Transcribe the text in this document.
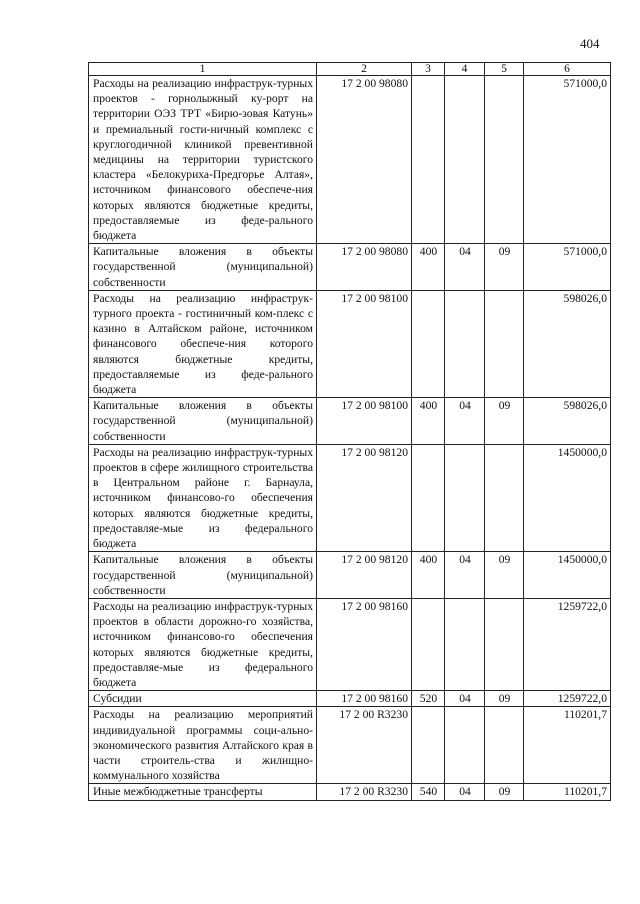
404
1	2	3	4	5	6
Расходы на реализацию инфраструк-турных проектов - горнолыжный ку-рорт на территории ОЭЗ ТРТ «Бирю-зовая Катунь» и премиальный гости-ничный комплекс с круглогодичной клиникой превентивной медицины на территории туристского кластера «Белокуриха-Предгорье Алтая», источником финансового обеспече-ния которых являются бюджетные кредиты, предоставляемые из феде-рального бюджета	17 2 00 98080				571000,0
Капитальные вложения в объекты государственной (муниципальной) собственности	17 2 00 98080	400	04	09	571000,0
Расходы на реализацию инфраструк-турного проекта - гостиничный ком-плекс с казино в Алтайском районе, источником финансового обеспече-ния которого являются бюджетные кредиты, предоставляемые из феде-рального бюджета	17 2 00 98100				598026,0
Капитальные вложения в объекты государственной (муниципальной) собственности	17 2 00 98100	400	04	09	598026,0
Расходы на реализацию инфраструк-турных проектов в сфере жилищного строительства в Центральном районе г. Барнаула, источником финансово-го обеспечения которых являются бюджетные кредиты, предоставляе-мые из федерального бюджета	17 2 00 98120				1450000,0
Капитальные вложения в объекты государственной (муниципальной) собственности	17 2 00 98120	400	04	09	1450000,0
Расходы на реализацию инфраструк-турных проектов в области дорожно-го хозяйства, источником финансово-го обеспечения которых являются бюджетные кредиты, предоставляе-мые из федерального бюджета	17 2 00 98160				1259722,0
Субсидии	17 2 00 98160	520	04	09	1259722,0
Расходы на реализацию мероприятий индивидуальной программы соци-ально-экономического развития Алтайского края в части строитель-ства и жилищно-коммунального хозяйства	17 2 00 R3230				110201,7
Иные межбюджетные трансферты	17 2 00 R3230	540	04	09	110201,7
